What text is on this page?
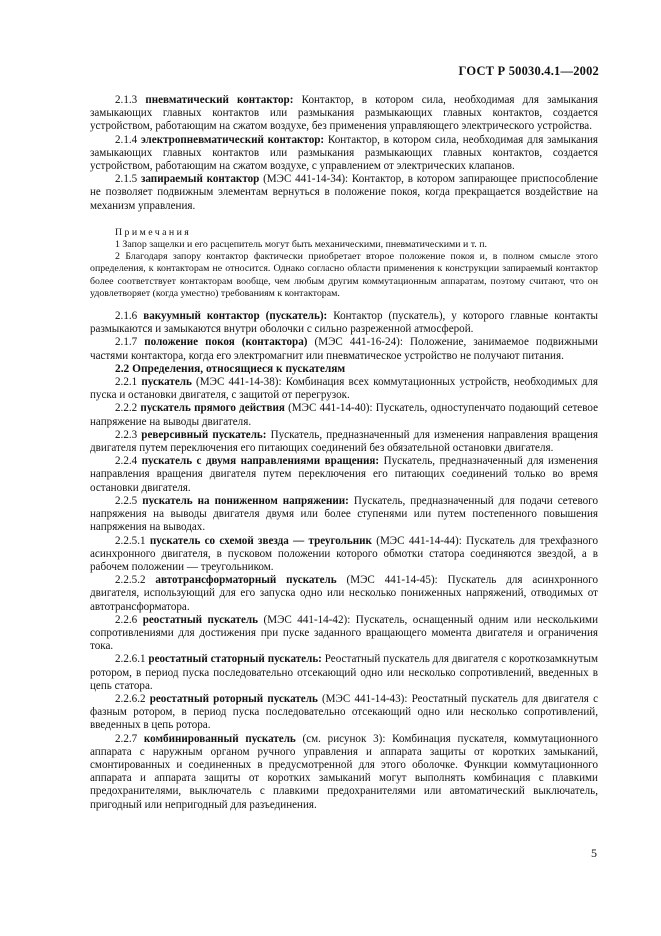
ГОСТ Р 50030.4.1—2002

2.1.3 пневматический контактор: Контактор, в котором сила, необходимая для замыкания замыкающих главных контактов или размыкания размыкающих главных контактов, создается устройством, работающим на сжатом воздухе, без применения управляющего электрического устройства.

2.1.4 электропневматический контактор: Контактор, в котором сила, необходимая для замыкания замыкающих главных контактов или размыкания размыкающих главных контактов, создается устройством, работающим на сжатом воздухе, с управлением от электрических клапанов.

2.1.5 запираемый контактор (МЭС 441-14-34): Контактор, в котором запирающее приспособление не позволяет подвижным элементам вернуться в положение покоя, когда прекращается воздействие на механизм управления.

Примечания

1 Запор защелки и его расцепитель могут быть механическими, пневматическими и т. п.

2 Благодаря запору контактор фактически приобретает второе положение покоя и, в полном смысле этого определения, к контакторам не относится. Однако согласно области применения к конструкции запираемый контактор более соответствует контакторам вообще, чем любым другим коммутационным аппаратам, поэтому считают, что он удовлетворяет (когда уместно) требованиям к контакторам.

2.1.6 вакуумный контактор (пускатель): Контактор (пускатель), у которого главные контакты размыкаются и замыкаются внутри оболочки с сильно разреженной атмосферой.

2.1.7 положение покоя (контактора) (МЭС 441-16-24): Положение, занимаемое подвижными частями контактора, когда его электромагнит или пневматическое устройство не получают питания.

2.2 Определения, относящиеся к пускателям

2.2.1 пускатель (МЭС 441-14-38): Комбинация всех коммутационных устройств, необходимых для пуска и остановки двигателя, с защитой от перегрузок.

2.2.2 пускатель прямого действия (МЭС 441-14-40): Пускатель, одноступенчато подающий сетевое напряжение на выводы двигателя.

2.2.3 реверсивный пускатель: Пускатель, предназначенный для изменения направления вращения двигателя путем переключения его питающих соединений без обязательной остановки двигателя.

2.2.4 пускатель с двумя направлениями вращения: Пускатель, предназначенный для изменения направления вращения двигателя путем переключения его питающих соединений только во время остановки двигателя.

2.2.5 пускатель на пониженном напряжении: Пускатель, предназначенный для подачи сетевого напряжения на выводы двигателя двумя или более ступенями или путем постепенного повышения напряжения на выводах.

2.2.5.1 пускатель со схемой звезда — треугольник (МЭС 441-14-44): Пускатель для трехфазного асинхронного двигателя, в пусковом положении которого обмотки статора соединяются звездой, а в рабочем положении — треугольником.

2.2.5.2 автотрансформаторный пускатель (МЭС 441-14-45): Пускатель для асинхронного двигателя, использующий для его запуска одно или несколько пониженных напряжений, отводимых от автотрансформатора.

2.2.6 реостатный пускатель (МЭС 441-14-42): Пускатель, оснащенный одним или несколькими сопротивлениями для достижения при пуске заданного вращающего момента двигателя и ограничения тока.

2.2.6.1 реостатный статорный пускатель: Реостатный пускатель для двигателя с короткозамкнутым ротором, в период пуска последовательно отсекающий одно или несколько сопротивлений, введенных в цепь статора.

2.2.6.2 реостатный роторный пускатель (МЭС 441-14-43): Реостатный пускатель для двигателя с фазным ротором, в период пуска последовательно отсекающий одно или несколько сопротивлений, введенных в цепь ротора.

2.2.7 комбинированный пускатель (см. рисунок 3): Комбинация пускателя, коммутационного аппарата с наружным органом ручного управления и аппарата защиты от коротких замыканий, смонтированных и соединенных в предусмотренной для этого оболочке. Функции коммутационного аппарата и аппарата защиты от коротких замыканий могут выполнять комбинация с плавкими предохранителями, выключатель с плавкими предохранителями или автоматический выключатель, пригодный или непригодный для разъединения.

5
